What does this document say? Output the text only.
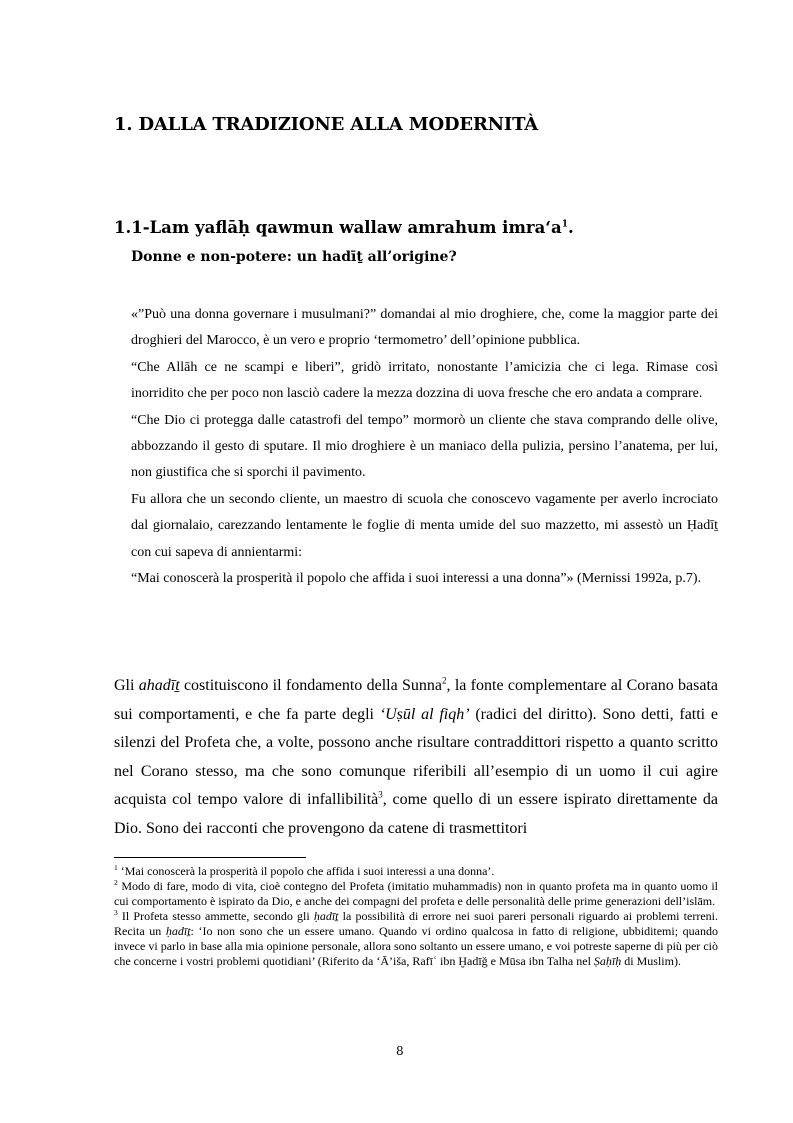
1. DALLA TRADIZIONE ALLA MODERNITÀ
1.1-Lam yaflāḥ qawmun wallaw amrahum $imra‘a^1$.
Donne e non-potere: un hadīṯ all’origine?

«”Può una donna governare i musulmani?” domandai al mio droghiere, che, come la maggior parte dei droghieri del Marocco, è un vero e proprio ‘termometro’ dell’opinione pubblica.

“Che Allāh ce ne scampi e liberi”, gridò irritato, nonostante l’amicizia che ci lega. Rimase così inorridito che per poco non lasciò cadere la mezza dozzina di uova fresche che ero andata a comprare.

“Che Dio ci protegga dalle catastrofi del tempo” mormorò un cliente che stava comprando delle olive, abbozzando il gesto di sputare. Il mio droghiere è un maniaco della pulizia, persino l’anatema, per lui, non giustifica che si sporchi il pavimento.

Fu allora che un secondo cliente, un maestro di scuola che conoscevo vagamente per averlo incrociato dal giornalaio, carezzando lentamente le foglie di menta umide del suo mazzetto, mi assestò un Ḥadīṯ con cui sapeva di annientarmi:

“Mai conoscerà la prosperità il popolo che affida i suoi interessi a una donna”» (Mernissi 1992a, p.7).

Gli ahadīṯ costituiscono il fondamento della Sunna$^2$, la fonte complementare al Corano basata sui comportamenti, e che fa parte degli ‘Uṣūl al fiqh’ (radici del diritto). Sono detti, fatti e silenzi del Profeta che, a volte, possono anche risultare contraddittori rispetto a quanto scritto nel Corano stesso, ma che sono comunque riferibili all’esempio di un uomo il cui agire acquista col tempo valore di infallibilità$^3$, come quello di un essere ispirato direttamente da Dio. Sono dei racconti che provengono da catene di trasmettitori

$^1$ ‘Mai conoscerà la prosperità il popolo che affida i suoi interessi a una donna’.

$^2$ Modo di fare, modo di vita, cioè contegno del Profeta (imitatio muhammadis) non in quanto profeta ma in quanto uomo il cui comportamento è ispirato da Dio, e anche dei compagni del profeta e delle personalità delle prime generazioni dell’islām.

$^3$ Il Profeta stesso ammette, secondo gli ḥadīṯ la possibilità di errore nei suoi pareri personali riguardo ai problemi terreni. Recita un ḥadīṯ: ‘Io non sono che un essere umano. Quando vi ordino qualcosa in fatto di religione, ubbiditemi; quando invece vi parlo in base alla mia opinione personale, allora sono soltanto un essere umano, e voi potreste saperne di più per ciò che concerne i vostri problemi quotidiani’ (Riferito da ‘Ā’iša, Rafīʿ ibn Ḫadīǧ e Mūsa ibn Talha nel Ṣaḥīḥ di Muslim).

8
